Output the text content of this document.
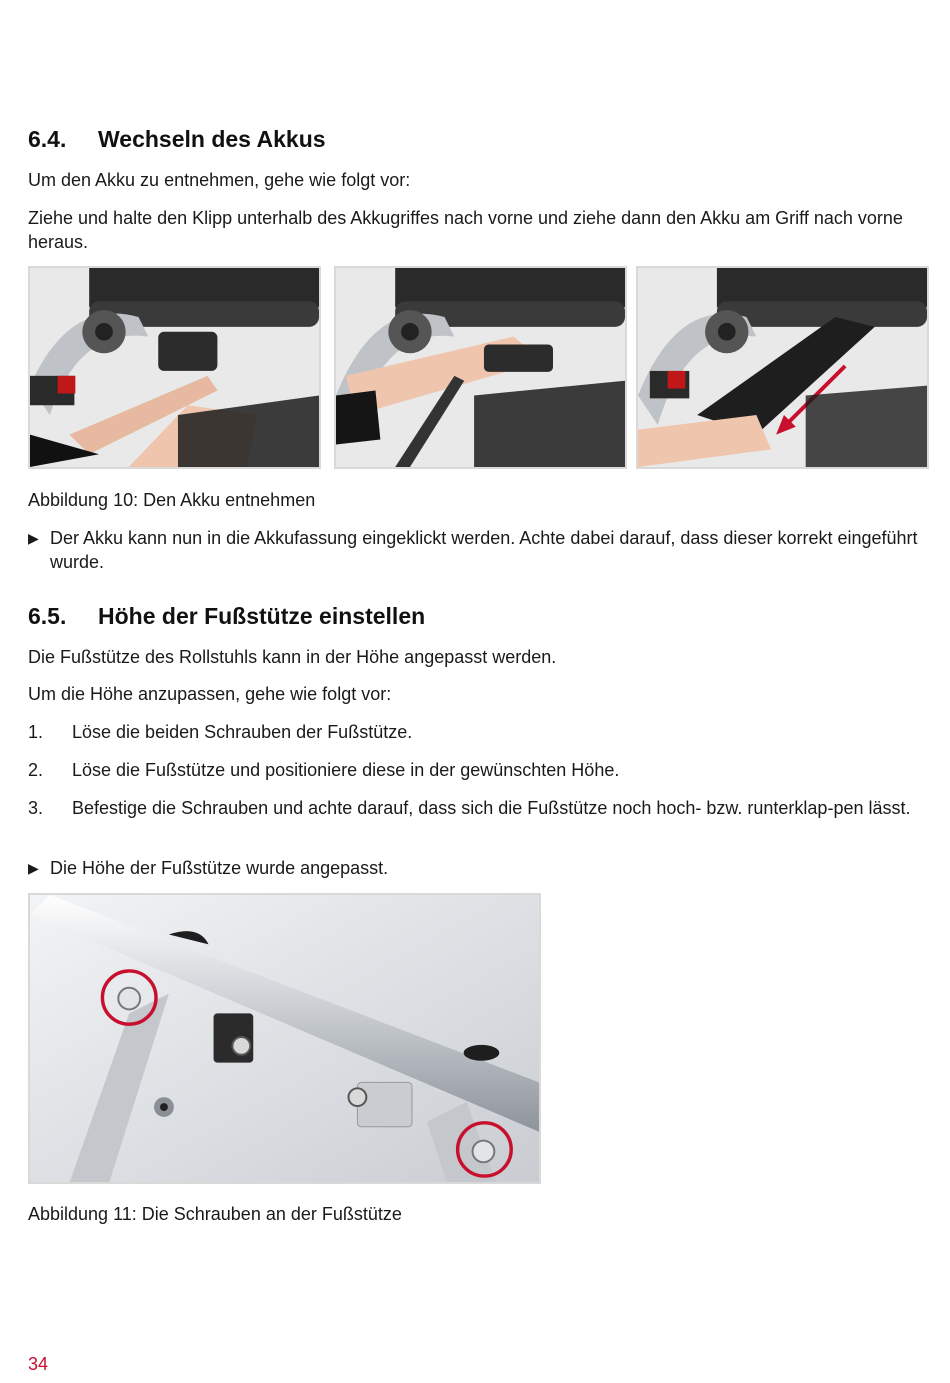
6.4. Wechseln des Akkus

Um den Akku zu entnehmen, gehe wie folgt vor:

Ziehe und halte den Klipp unterhalb des Akkugriffes nach vorne und ziehe dann den Akku am Griff nach vorne heraus.

Abbildung 10: Den Akku entnehmen

▶ Der Akku kann nun in die Akkufassung eingeklickt werden. Achte dabei darauf, dass dieser korrekt eingeführt wurde.
6.5. Höhe der Fußstütze einstellen

Die Fußstütze des Rollstuhls kann in der Höhe angepasst werden.

Um die Höhe anzupassen, gehe wie folgt vor:

1.	Löse die beiden Schrauben der Fußstütze.
2.	Löse die Fußstütze und positioniere diese in der gewünschten Höhe.
3.	Befestige die Schrauben und achte darauf, dass sich die Fußstütze noch hoch- bzw. runterklap-pen lässt.
▶ Die Höhe der Fußstütze wurde angepasst.

Abbildung 11: Die Schrauben an der Fußstütze

34
